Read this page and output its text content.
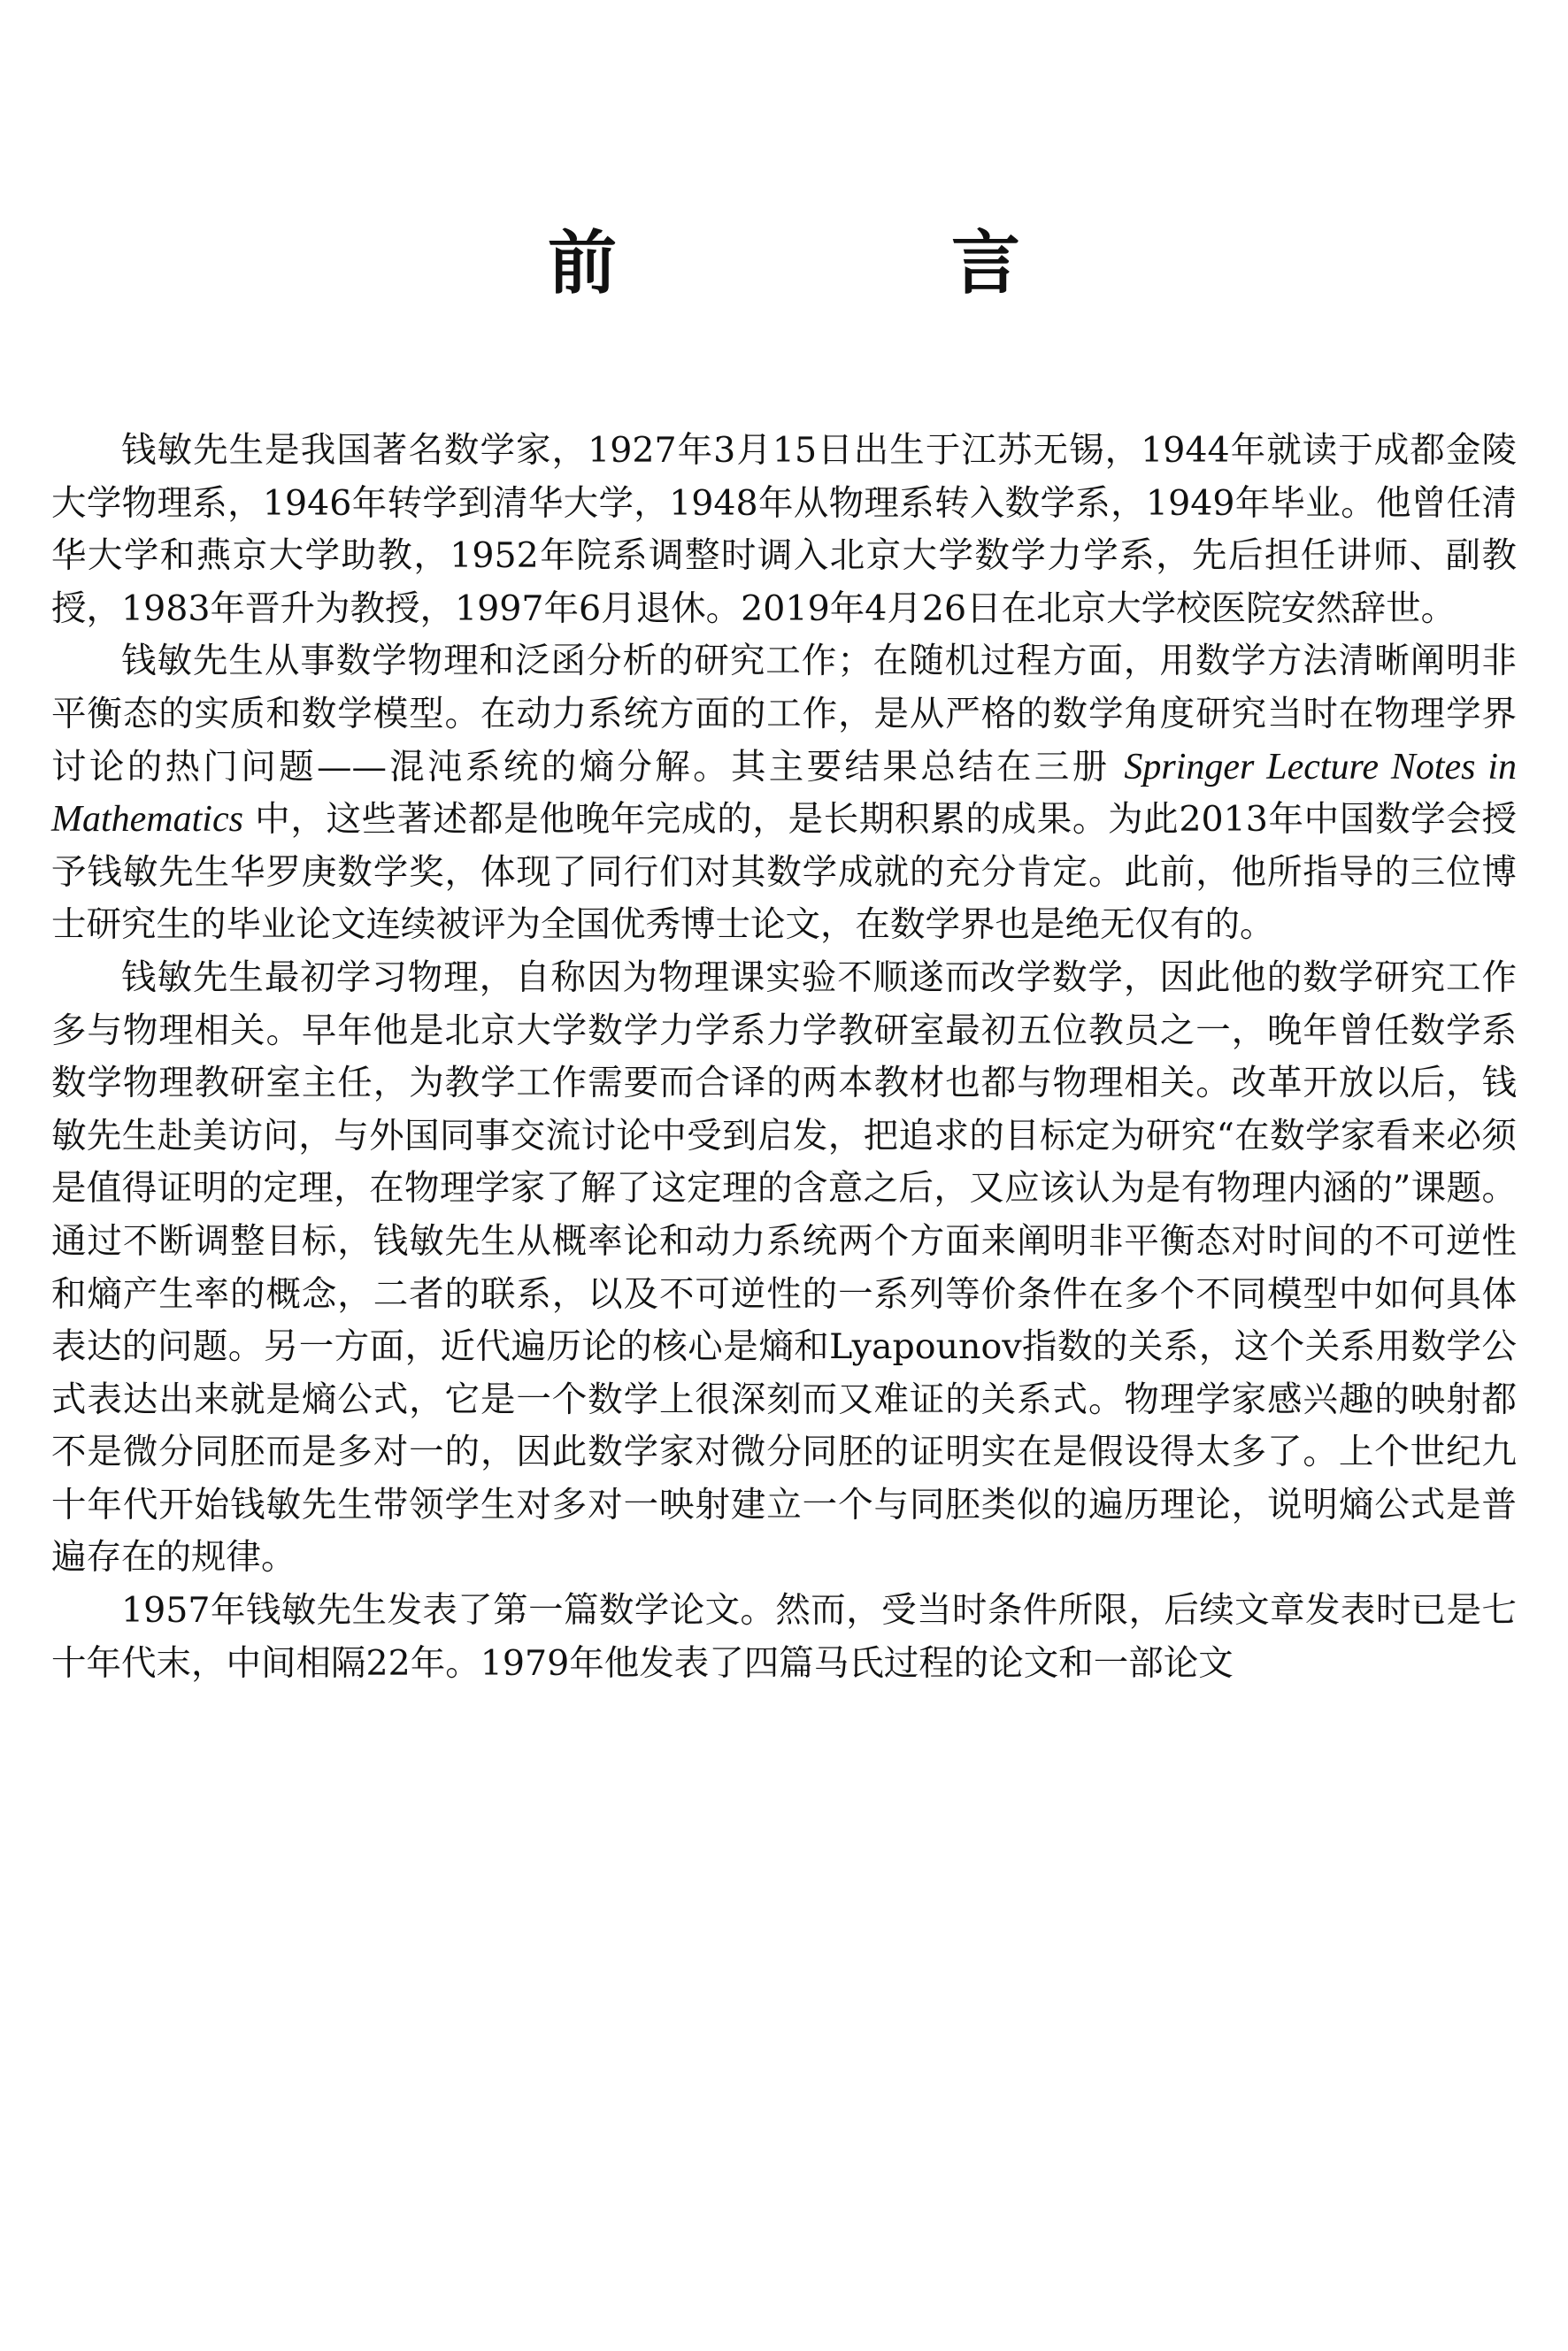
前　言

钱敏先生是我国著名数学家，1927年3月15日出生于江苏无锡，1944年就读于成都金陵大学物理系，1946年转学到清华大学，1948年从物理系转入数学系，1949年毕业。他曾任清华大学和燕京大学助教，1952年院系调整时调入北京大学数学力学系，先后担任讲师、副教授，1983年晋升为教授，1997年6月退休。2019年4月26日在北京大学校医院安然辞世。

钱敏先生从事数学物理和泛函分析的研究工作；在随机过程方面，用数学方法清晰阐明非平衡态的实质和数学模型。在动力系统方面的工作，是从严格的数学角度研究当时在物理学界讨论的热门问题——混沌系统的熵分解。其主要结果总结在三册 Springer Lecture Notes in Mathematics 中，这些著述都是他晚年完成的，是长期积累的成果。为此2013年中国数学会授予钱敏先生华罗庚数学奖，体现了同行们对其数学成就的充分肯定。此前，他所指导的三位博士研究生的毕业论文连续被评为全国优秀博士论文，在数学界也是绝无仅有的。

钱敏先生最初学习物理，自称因为物理课实验不顺遂而改学数学，因此他的数学研究工作多与物理相关。早年他是北京大学数学力学系力学教研室最初五位教员之一，晚年曾任数学系数学物理教研室主任，为教学工作需要而合译的两本教材也都与物理相关。改革开放以后，钱敏先生赴美访问，与外国同事交流讨论中受到启发，把追求的目标定为研究“在数学家看来必须是值得证明的定理，在物理学家了解了这定理的含意之后，又应该认为是有物理内涵的”课题。通过不断调整目标，钱敏先生从概率论和动力系统两个方面来阐明非平衡态对时间的不可逆性和熵产生率的概念，二者的联系，以及不可逆性的一系列等价条件在多个不同模型中如何具体表达的问题。另一方面，近代遍历论的核心是熵和Lyapounov指数的关系，这个关系用数学公式表达出来就是熵公式，它是一个数学上很深刻而又难证的关系式。物理学家感兴趣的映射都不是微分同胚而是多对一的，因此数学家对微分同胚的证明实在是假设得太多了。上个世纪九十年代开始钱敏先生带领学生对多对一映射建立一个与同胚类似的遍历理论，说明熵公式是普遍存在的规律。

1957年钱敏先生发表了第一篇数学论文。然而，受当时条件所限，后续文章发表时已是七十年代末，中间相隔22年。1979年他发表了四篇马氏过程的论文和一部论文
